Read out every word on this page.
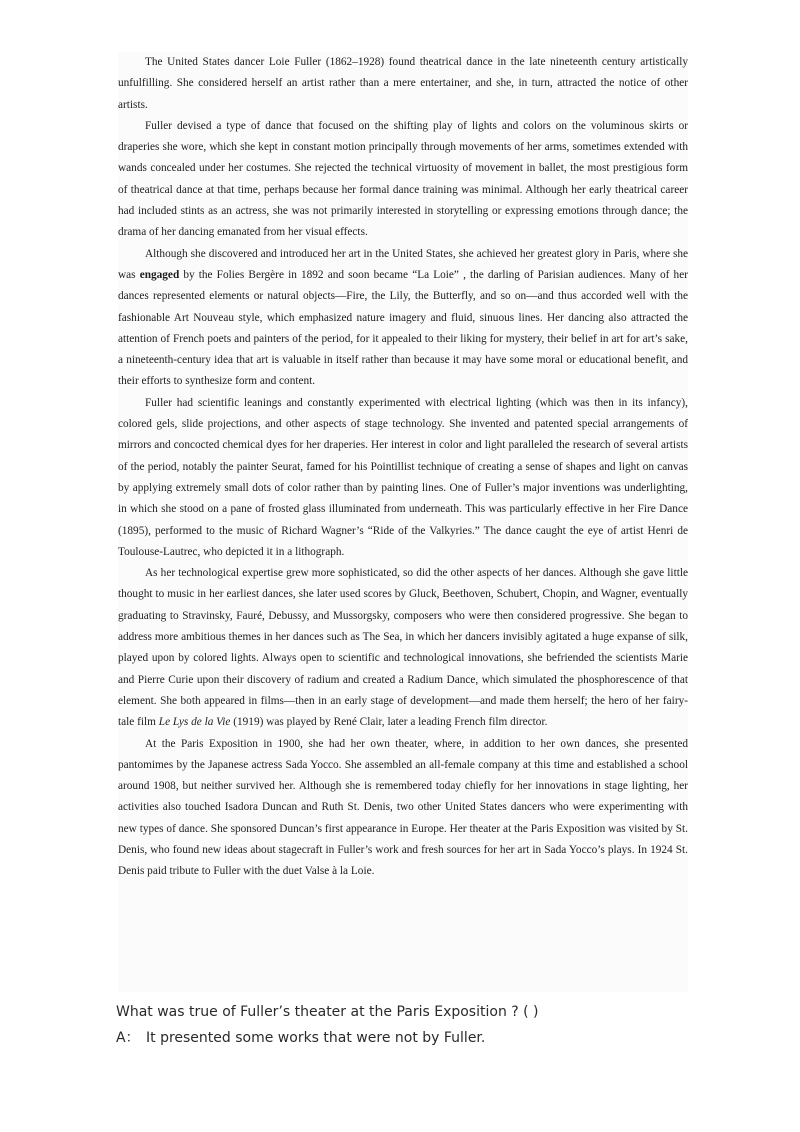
The United States dancer Loie Fuller (1862–1928) found theatrical dance in the late nineteenth century artistically unfulfilling. She considered herself an artist rather than a mere entertainer, and she, in turn, attracted the notice of other artists.

Fuller devised a type of dance that focused on the shifting play of lights and colors on the voluminous skirts or draperies she wore, which she kept in constant motion principally through movements of her arms, sometimes extended with wands concealed under her costumes. She rejected the technical virtuosity of movement in ballet, the most prestigious form of theatrical dance at that time, perhaps because her formal dance training was minimal. Although her early theatrical career had included stints as an actress, she was not primarily interested in storytelling or expressing emotions through dance; the drama of her dancing emanated from her visual effects.

Although she discovered and introduced her art in the United States, she achieved her greatest glory in Paris, where she was engaged by the Folies Bergère in 1892 and soon became “La Loie” , the darling of Parisian audiences. Many of her dances represented elements or natural objects—Fire, the Lily, the Butterfly, and so on—and thus accorded well with the fashionable Art Nouveau style, which emphasized nature imagery and fluid, sinuous lines. Her dancing also attracted the attention of French poets and painters of the period, for it appealed to their liking for mystery, their belief in art for art’s sake, a nineteenth-century idea that art is valuable in itself rather than because it may have some moral or educational benefit, and their efforts to synthesize form and content.

Fuller had scientific leanings and constantly experimented with electrical lighting (which was then in its infancy), colored gels, slide projections, and other aspects of stage technology. She invented and patented special arrangements of mirrors and concocted chemical dyes for her draperies. Her interest in color and light paralleled the research of several artists of the period, notably the painter Seurat, famed for his Pointillist technique of creating a sense of shapes and light on canvas by applying extremely small dots of color rather than by painting lines. One of Fuller’s major inventions was underlighting, in which she stood on a pane of frosted glass illuminated from underneath. This was particularly effective in her Fire Dance (1895), performed to the music of Richard Wagner’s “Ride of the Valkyries.” The dance caught the eye of artist Henri de Toulouse-Lautrec, who depicted it in a lithograph.

As her technological expertise grew more sophisticated, so did the other aspects of her dances. Although she gave little thought to music in her earliest dances, she later used scores by Gluck, Beethoven, Schubert, Chopin, and Wagner, eventually graduating to Stravinsky, Fauré, Debussy, and Mussorgsky, composers who were then considered progressive. She began to address more ambitious themes in her dances such as The Sea, in which her dancers invisibly agitated a huge expanse of silk, played upon by colored lights. Always open to scientific and technological innovations, she befriended the scientists Marie and Pierre Curie upon their discovery of radium and created a Radium Dance, which simulated the phosphorescence of that element. She both appeared in films—then in an early stage of development—and made them herself; the hero of her fairy-tale film Le Lys de la Vie (1919) was played by René Clair, later a leading French film director.

At the Paris Exposition in 1900, she had her own theater, where, in addition to her own dances, she presented pantomimes by the Japanese actress Sada Yocco. She assembled an all-female company at this time and established a school around 1908, but neither survived her. Although she is remembered today chiefly for her innovations in stage lighting, her activities also touched Isadora Duncan and Ruth St. Denis, two other United States dancers who were experimenting with new types of dance. She sponsored Duncan’s first appearance in Europe. Her theater at the Paris Exposition was visited by St. Denis, who found new ideas about stagecraft in Fuller’s work and fresh sources for her art in Sada Yocco’s plays. In 1924 St. Denis paid tribute to Fuller with the duet Valse à la Loie.

What was true of Fuller’s theater at the Paris Exposition ? ( )
A： It presented some works that were not by Fuller.
